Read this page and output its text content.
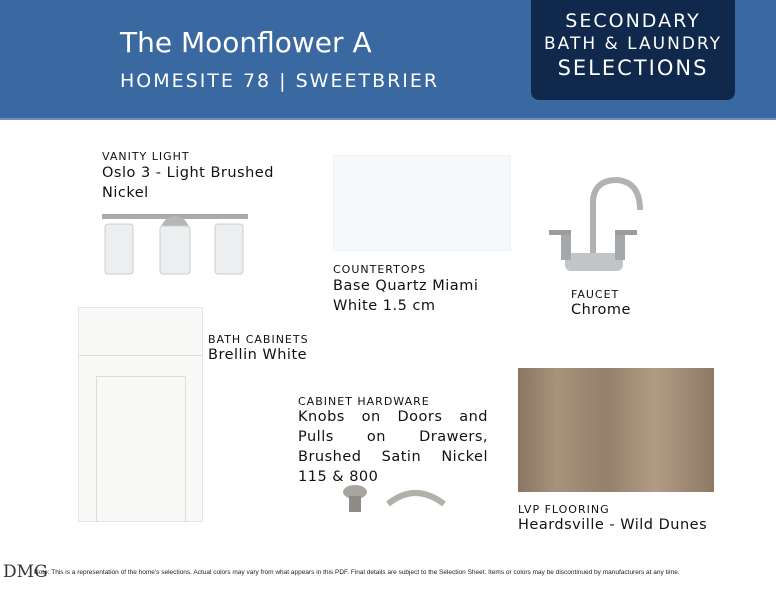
The Moonflower A
HOMESITE 78 | SWEETBRIER
SECONDARY
BATH & LAUNDRY
SELECTIONS
VANITY LIGHT
Oslo 3 - Light Brushed Nickel
COUNTERTOPS
Base Quartz Miami White 1.5 cm
FAUCET
Chrome
BATH CABINETS
Brellin White
CABINET HARDWARE
Knobs on Doors and Pulls on Drawers, Brushed Satin Nickel 115 & 800
LVP FLOORING
Heardsville - Wild Dunes
DMG
Note: This is a representation of the home's selections. Actual colors may vary from what appears in this PDF. Final details are subject to the Selection Sheet. Items or colors may be discontinued by manufacturers at any time.
